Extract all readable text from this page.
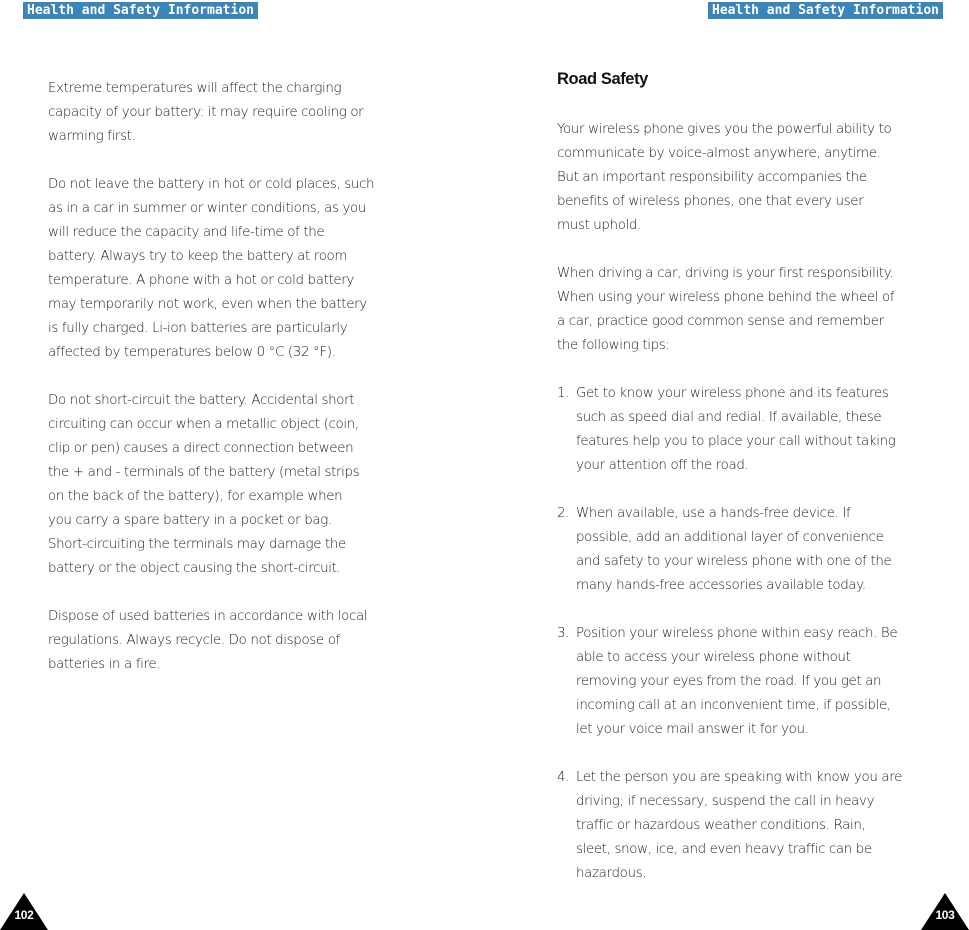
Health and Safety Information	Health and Safety Information
Extreme temperatures will affect the charging
capacity of your battery: it may require cooling or
warming first.
Do not leave the battery in hot or cold places, such
as in a car in summer or winter conditions, as you
will reduce the capacity and life-time of the
battery. Always try to keep the battery at room
temperature. A phone with a hot or cold battery
may temporarily not work, even when the battery
is fully charged. Li-ion batteries are particularly
affected by temperatures below 0 °C (32 °F).
Do not short-circuit the battery. Accidental short
circuiting can occur when a metallic object (coin,
clip or pen) causes a direct connection between
the + and - terminals of the battery (metal strips
on the back of the battery), for example when
you carry a spare battery in a pocket or bag.
Short-circuiting the terminals may damage the
battery or the object causing the short-circuit.
Dispose of used batteries in accordance with local
regulations. Always recycle. Do not dispose of
batteries in a fire.
Road Safety
Your wireless phone gives you the powerful ability to
communicate by voice-almost anywhere, anytime.
But an important responsibility accompanies the
benefits of wireless phones, one that every user
must uphold.
When driving a car, driving is your first responsibility.
When using your wireless phone behind the wheel of
a car, practice good common sense and remember
the following tips:
1. Get to know your wireless phone and its features
such as speed dial and redial. If available, these
features help you to place your call without taking
your attention off the road.
2. When available, use a hands-free device. If
possible, add an additional layer of convenience
and safety to your wireless phone with one of the
many hands-free accessories available today.
3. Position your wireless phone within easy reach. Be
able to access your wireless phone without
removing your eyes from the road. If you get an
incoming call at an inconvenient time, if possible,
let your voice mail answer it for you.
4. Let the person you are speaking with know you are
driving; if necessary, suspend the call in heavy
traffic or hazardous weather conditions. Rain,
sleet, snow, ice, and even heavy traffic can be
hazardous.
102	103
